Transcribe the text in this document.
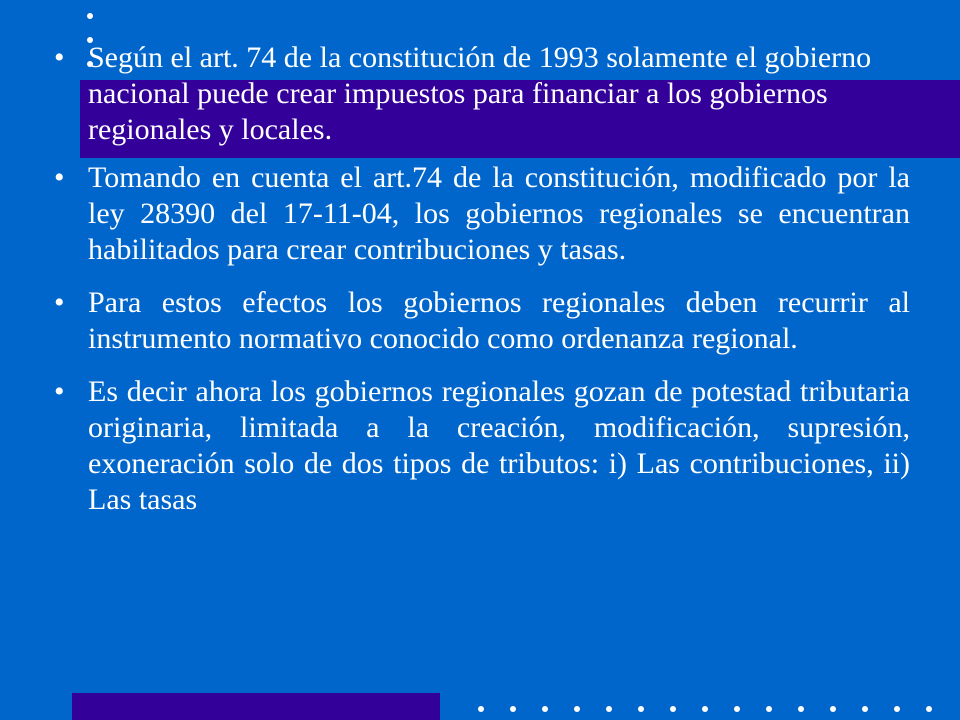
• Según el art. 74 de la constitución de 1993 solamente el gobierno nacional puede crear impuestos para financiar a los gobiernos regionales y locales.
• Tomando en cuenta el art.74 de la constitución, modificado por la ley 28390 del 17-11-04, los gobiernos regionales se encuentran habilitados para crear contribuciones y tasas.
• Para estos efectos los gobiernos regionales deben recurrir al instrumento normativo conocido como ordenanza regional.
• Es decir ahora los gobiernos regionales gozan de potestad tributaria originaria, limitada a la creación, modificación, supresión, exoneración solo de dos tipos de tributos: i) Las contribuciones, ii) Las tasas
